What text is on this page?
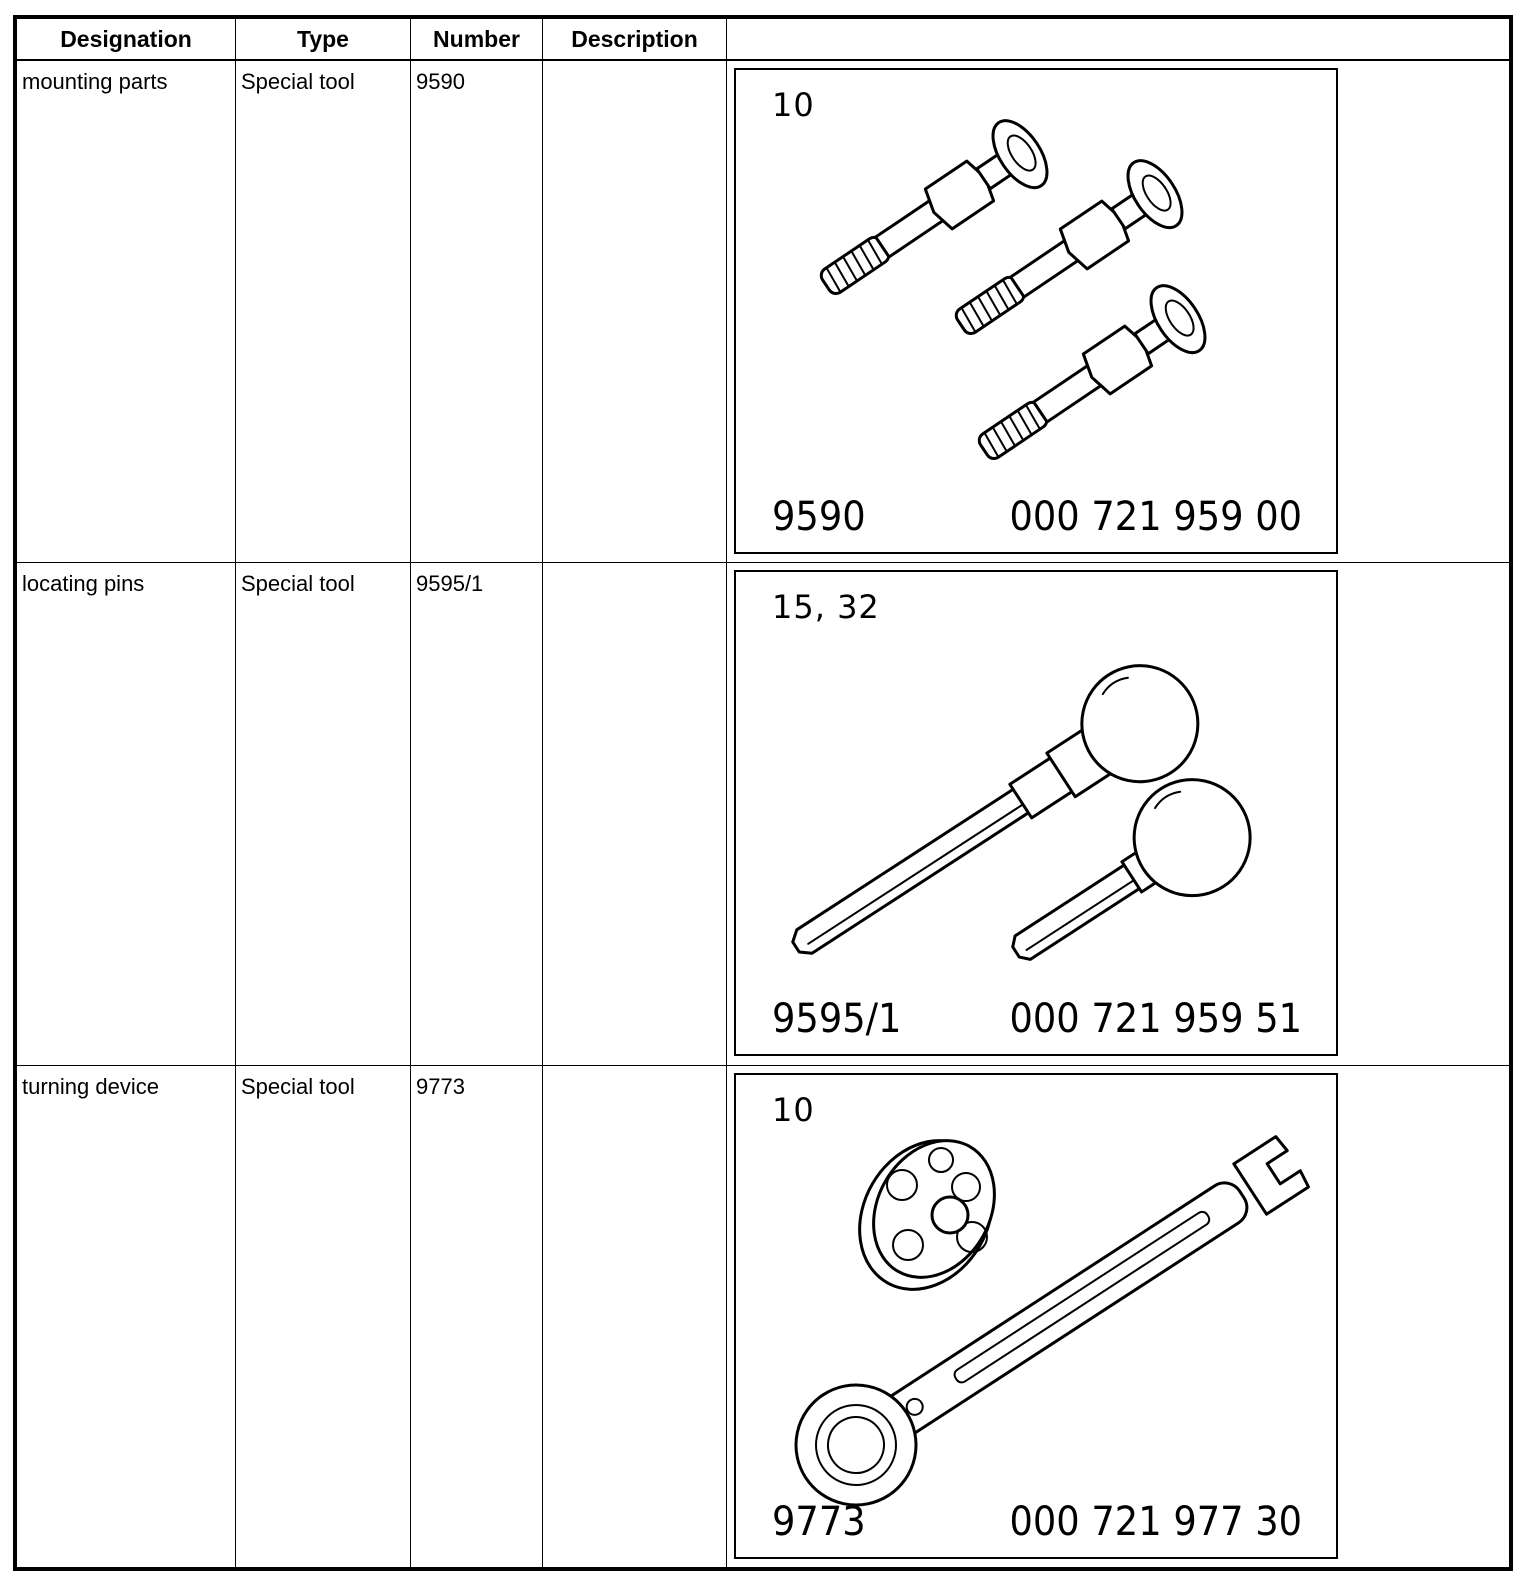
Designation	Type	Number	Description	
mounting parts	Special tool	9590		10
9590 000 721 959 00

locating pins	Special tool	9595/1		15, 32
9595/1 000 721 959 51

turning device	Special tool	9773		10
9773 000 721 977 30
